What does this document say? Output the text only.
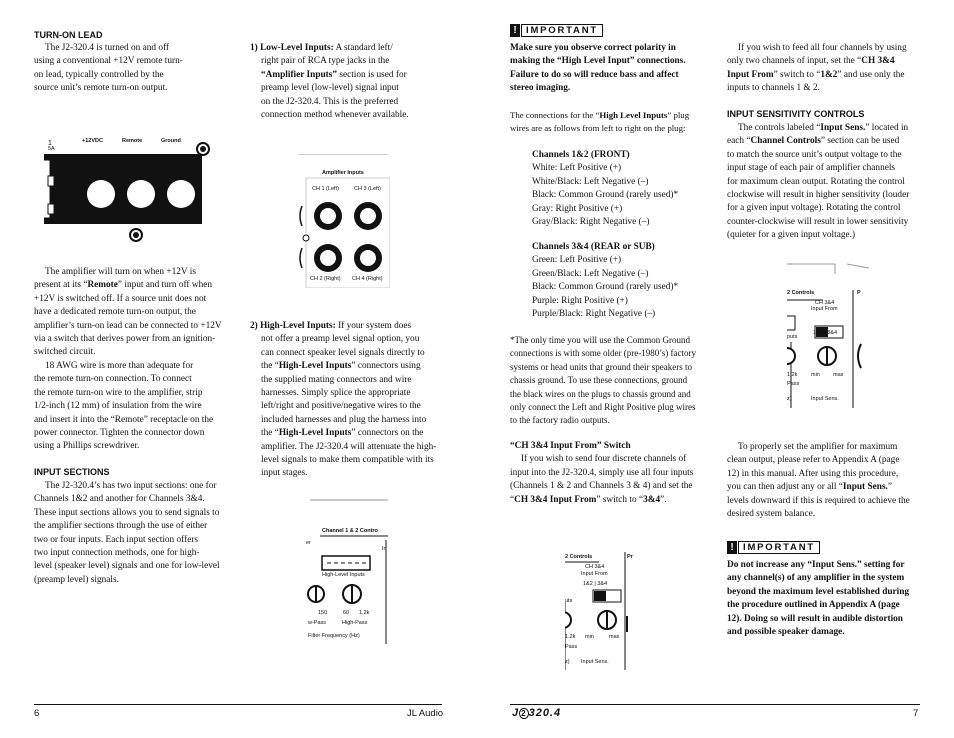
TURN-ON LEAD
The J2-320.4 is turned on and off
using a conventional +12V remote turn-
on lead, typically controlled by the
source unit’s remote turn-on output.
1
5A
+12VDC	Remote	Ground
The amplifier will turn on when +12V is
present at its “Remote” input and turn off when
+12V is switched off. If a source unit does not
have a dedicated remote turn-on output, the
amplifier’s turn-on lead can be connected to +12V
via a switch that derives power from an ignition-
switched circuit.
18 AWG wire is more than adequate for
the remote turn-on connection. To connect
the remote turn-on wire to the amplifier, strip
1/2-inch (12 mm) of insulation from the wire
and insert it into the “Remote” receptacle on the
power connector. Tighten the connector down
using a Phillips screwdriver.
INPUT SECTIONS
The J2-320.4’s has two input sections: one for
Channels 1&2 and another for Channels 3&4.
These input sections allows you to send signals to
the amplifier sections through the use of either
two or four inputs. Each input section offers
two input connection methods, one for high-
level (speaker level) signals and one for low-level
(preamp level) signals.
1) Low-Level Inputs: A standard left/
right pair of RCA type jacks in the
“Amplifier Inputs” section is used for
preamp level (low-level) signal input
on the J2-320.4. This is the preferred
connection method whenever available.
Amplifier Inputs
CH 1 (Left)	CH 3 (Left)
CH 2 (Right) CH 4 (Right)
2) High-Level Inputs: If your system does
not offer a preamp level signal option, you
can connect speaker level signals directly to
the “High-Level Inputs” connectors using
the supplied mating connectors and wire
harnesses. Simply splice the appropriate
left/right and positive/negative wires to the
included harnesses and plug the harness into
the “High-Level Inputs” connectors on the
amplifier. The J2-320.4 will attenuate the high-
level signals to make them compatible with its
input stages.
Channel 1 & 2 Contro
er
In
High-Level Inputs
150	60 1.2k
w-Pass	High-Pass
Filter Frequency (Hz)
6	JL Audio
! IMPORTANT
Make sure you observe correct polarity in
making the “High Level Input” connections.
Failure to do so will reduce bass and affect
stereo imaging.
The connections for the “High Level Inputs” plug
wires are as follows from left to right on the plug:
Channels 1&2 (FRONT)
White: Left Positive (+)
White/Black: Left Negative (–)
Black: Common Ground (rarely used)*
Gray: Right Positive (+)
Gray/Black: Right Negative (–)
Channels 3&4 (REAR or SUB)
Green: Left Positive (+)
Green/Black: Left Negative (–)
Black: Common Ground (rarely used)*
Purple: Right Positive (+)
Purple/Black: Right Negative (–)
*The only time you will use the Common Ground
connections is with some older (pre-1980’s) factory
systems or head units that ground their speakers to
chassis ground. To use these connections, ground
the black wires on the plugs to chassis ground and
only connect the Left and Right Positive plug wires
to the factory radio outputs.
“CH 3&4 Input From” Switch
If you wish to send four discrete channels of
input into the J2-320.4, simply use all four inputs
(Channels 1 & 2 and Channels 3 & 4) and set the
“CH 3&4 Input From” switch to “3&4”.
2 Controls	Pr
CH 3&4
Input From
1&2 | 3&4
uts
1.2k min	max
Pass
z) Input Sens.
If you wish to feed all four channels by using
only two channels of input, set the “CH 3&4
Input From” switch to “1&2” and use only the
inputs to channels 1 & 2.
INPUT SENSITIVITY CONTROLS
The controls labeled “Input Sens.” located in
each “Channel Controls” section can be used
to match the source unit’s output voltage to the
input stage of each pair of amplifier channels
for maximum clean output. Rotating the control
clockwise will result in higher sensitivity (louder
for a given input voltage). Rotating the control
counter-clockwise will result in lower sensitivity
(quieter for a given input voltage.)
2 Controls	P
CH 3&4
Input From
1&2 | 3&4
puts
1.2k min max
Pass
z)	Input Sens.
To properly set the amplifier for maximum
clean output, please refer to Appendix A (page
12) in this manual. After using this procedure,
you can then adjust any or all “Input Sens.”
levels downward if this is required to achieve the
desired system balance.
! IMPORTANT
Do not increase any “Input Sens.” setting for
any channel(s) of any amplifier in the system
beyond the maximum level established during
the procedure outlined in Appendix A (page
12). Doing so will result in audible distortion
and possible speaker damage.
J 2 320.4	7
